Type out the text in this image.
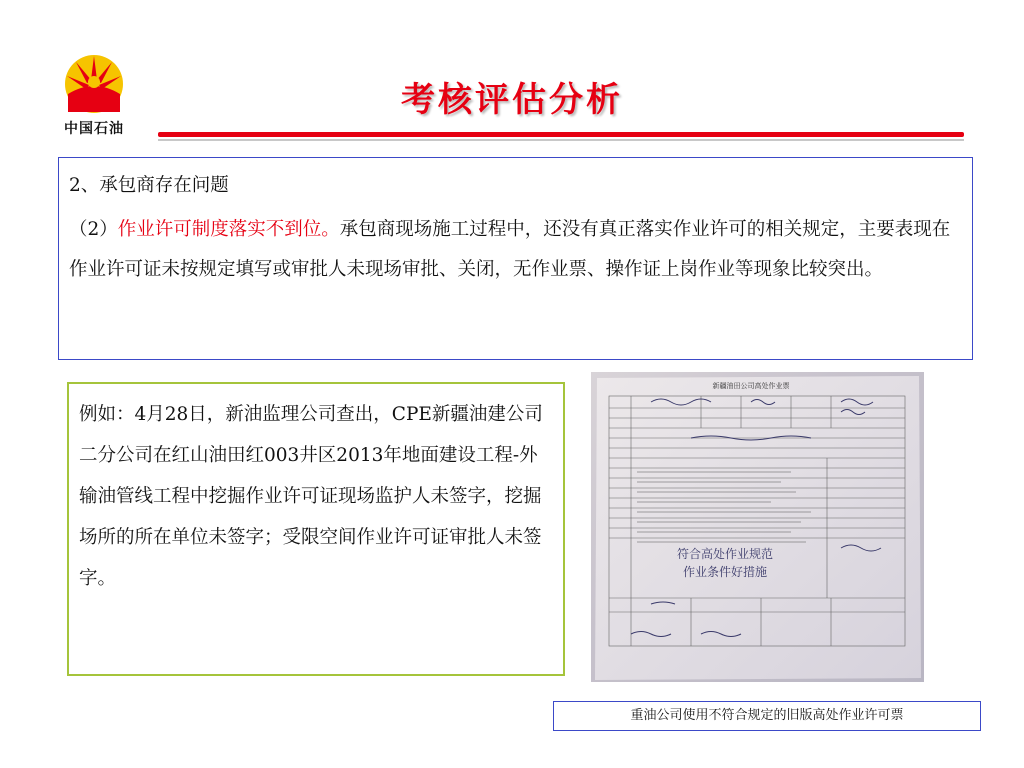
中国石油
考核评估分析
2、承包商存在问题
（2）作业许可制度落实不到位。承包商现场施工过程中，还没有真正落实作业许可的相关规定，主要表现在作业许可证未按规定填写或审批人未现场审批、关闭，无作业票、操作证上岗作业等现象比较突出。
例如：4月28日，新油监理公司查出，CPE新疆油建公司二分公司在红山油田红003井区2013年地面建设工程-外输油管线工程中挖掘作业许可证现场监护人未签字，挖掘场所的所在单位未签字；受限空间作业许可证审批人未签字。
新疆油田公司高处作业票
符合高处作业规范
作业条件好措施
重油公司使用不符合规定的旧版高处作业许可票
